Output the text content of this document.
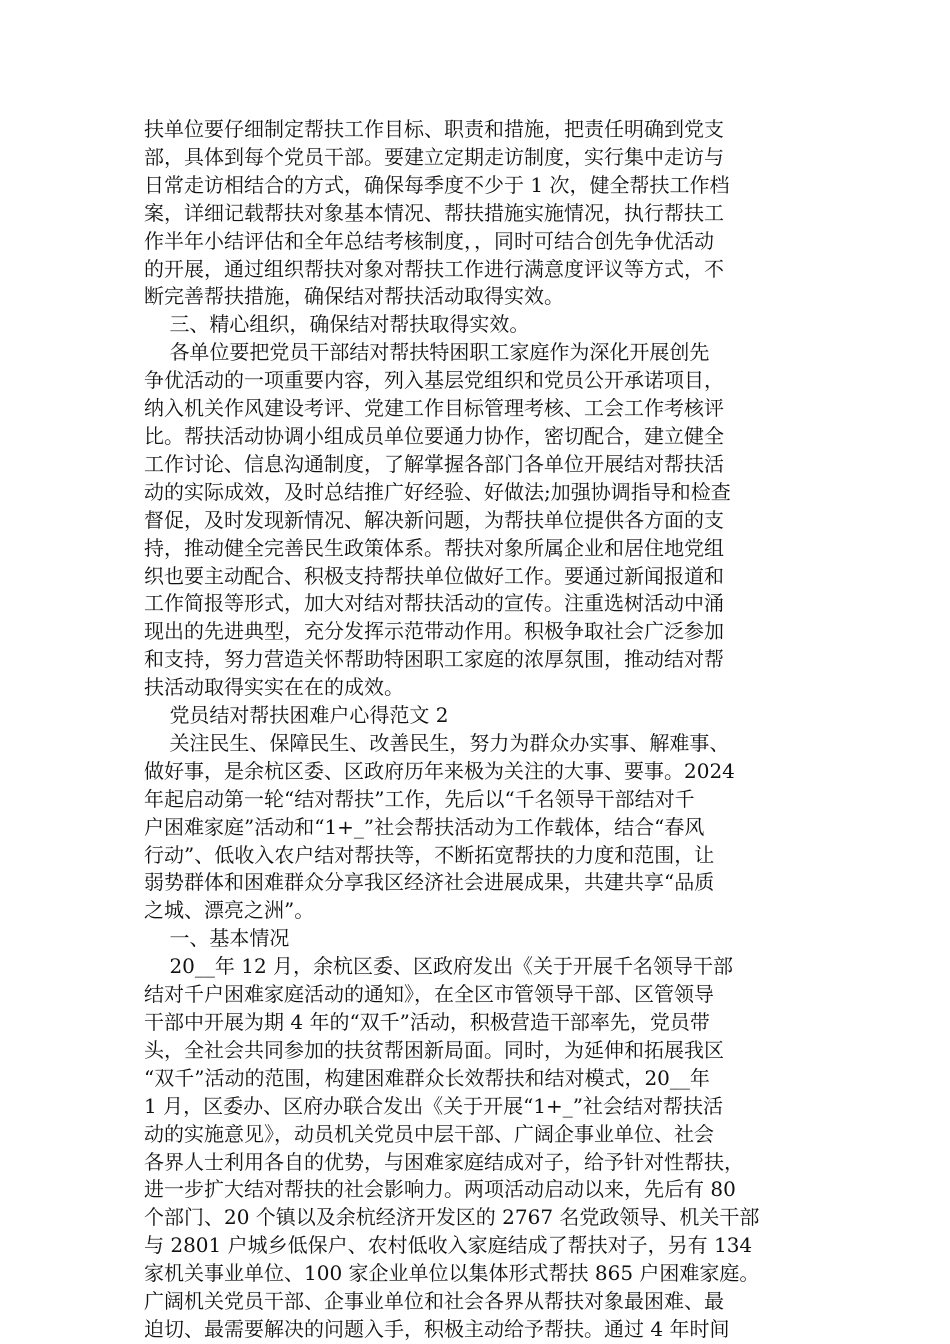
扶单位要仔细制定帮扶工作目标、职责和措施，把责任明确到党支

部，具体到每个党员干部。要建立定期走访制度，实行集中走访与

日常走访相结合的方式，确保每季度不少于 1 次，健全帮扶工作档

案，详细记载帮扶对象基本情况、帮扶措施实施情况，执行帮扶工

作半年小结评估和全年总结考核制度，，同时可结合创先争优活动

的开展，通过组织帮扶对象对帮扶工作进行满意度评议等方式，不

断完善帮扶措施，确保结对帮扶活动取得实效。

三、精心组织，确保结对帮扶取得实效。

各单位要把党员干部结对帮扶特困职工家庭作为深化开展创先

争优活动的一项重要内容，列入基层党组织和党员公开承诺项目，

纳入机关作风建设考评、党建工作目标管理考核、工会工作考核评

比。帮扶活动协调小组成员单位要通力协作，密切配合，建立健全

工作讨论、信息沟通制度，了解掌握各部门各单位开展结对帮扶活

动的实际成效，及时总结推广好经验、好做法;加强协调指导和检查

督促，及时发现新情况、解决新问题，为帮扶单位提供各方面的支

持，推动健全完善民生政策体系。帮扶对象所属企业和居住地党组

织也要主动配合、积极支持帮扶单位做好工作。要通过新闻报道和

工作简报等形式，加大对结对帮扶活动的宣传。注重选树活动中涌

现出的先进典型，充分发挥示范带动作用。积极争取社会广泛参加

和支持，努力营造关怀帮助特困职工家庭的浓厚氛围，推动结对帮

扶活动取得实实在在的成效。

党员结对帮扶困难户心得范文 2

关注民生、保障民生、改善民生，努力为群众办实事、解难事、

做好事，是余杭区委、区政府历年来极为关注的大事、要事。2024

年起启动第一轮“结对帮扶”工作，先后以“千名领导干部结对千

户困难家庭”活动和“1+_”社会帮扶活动为工作载体，结合“春风

行动”、低收入农户结对帮扶等，不断拓宽帮扶的力度和范围，让

弱势群体和困难群众分享我区经济社会进展成果，共建共享“品质

之城、漂亮之洲”。

一、基本情况

20__年 12 月，余杭区委、区政府发出《关于开展千名领导干部

结对千户困难家庭活动的通知》，在全区市管领导干部、区管领导

干部中开展为期 4 年的“双千”活动，积极营造干部率先，党员带

头，全社会共同参加的扶贫帮困新局面。同时，为延伸和拓展我区

“双千”活动的范围，构建困难群众长效帮扶和结对模式，20__年

1 月，区委办、区府办联合发出《关于开展“1+_”社会结对帮扶活

动的实施意见》，动员机关党员中层干部、广阔企事业单位、社会

各界人士利用各自的优势，与困难家庭结成对子，给予针对性帮扶，

进一步扩大结对帮扶的社会影响力。两项活动启动以来，先后有 80

个部门、20 个镇以及余杭经济开发区的 2767 名党政领导、机关干部

与 2801 户城乡低保户、农村低收入家庭结成了帮扶对子，另有 134

家机关事业单位、100 家企业单位以集体形式帮扶 865 户困难家庭。

广阔机关党员干部、企事业单位和社会各界从帮扶对象最困难、最

迫切、最需要解决的问题入手，积极主动给予帮扶。通过 4 年时间
